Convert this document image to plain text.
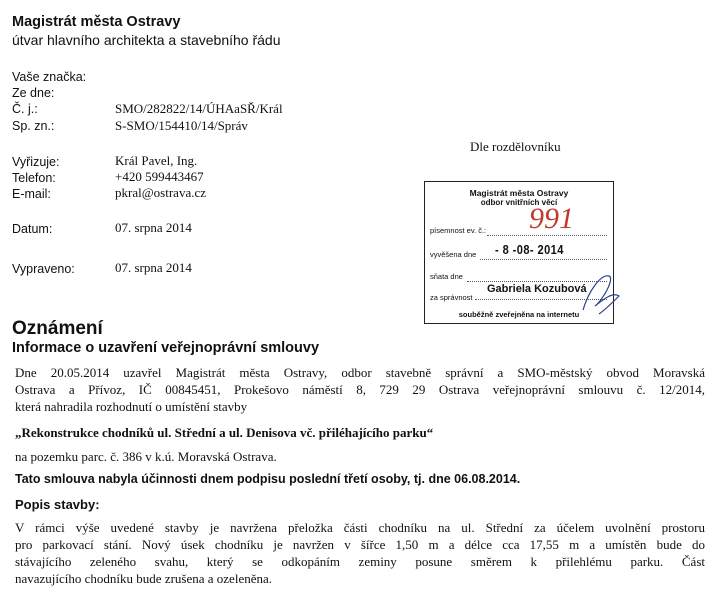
Magistrát města Ostravy
útvar hlavního architekta a stavebního řádu
Vaše značka:
Ze dne:
Č. j.:	SMO/282822/14/ÚHAaSŘ/Král
Sp. zn.:	S-SMO/154410/14/Správ
Vyřizuje:	Král Pavel, Ing.
Telefon:	+420 599443467
E-mail:	pkral@ostrava.cz
Datum:	07. srpna 2014
Vypraveno:	07. srpna 2014
Dle rozdělovníku
Magistrát města Ostravy
odbor vnitřních věcí
písemnost ev. č.: 991
vyvěšena dne - 8 -08- 2014
sňata dne
za správnost
Gabriela Kozubová
souběžně zveřejněna na internetu
Oznámení
Informace o uzavření veřejnoprávní smlouvy
Dne 20.05.2014 uzavřel Magistrát města Ostravy, odbor stavebně správní a SMO-městský obvod Moravská
Ostrava a Přívoz, IČ 00845451, Prokešovo náměstí 8, 729 29 Ostrava veřejnoprávní smlouvu č. 12/2014,
která nahradila rozhodnutí o umístění stavby
„Rekonstrukce chodníků ul. Střední a ul. Denisova vč. přiléhajícího parku“
na pozemku parc. č. 386 v k.ú. Moravská Ostrava.
Tato smlouva nabyla účinnosti dnem podpisu poslední třetí osoby, tj. dne 06.08.2014.
Popis stavby:
V rámci výše uvedené stavby je navržena přeložka části chodníku na ul. Střední za účelem uvolnění prostoru
pro parkovací stání. Nový úsek chodníku je navržen v šířce 1,50 m a délce cca 17,55 m a umístěn bude do
stávajícího zeleného svahu, který se odkopáním zeminy posune směrem k přilehlému parku. Část
navazujícího chodníku bude zrušena a ozeleněna.
